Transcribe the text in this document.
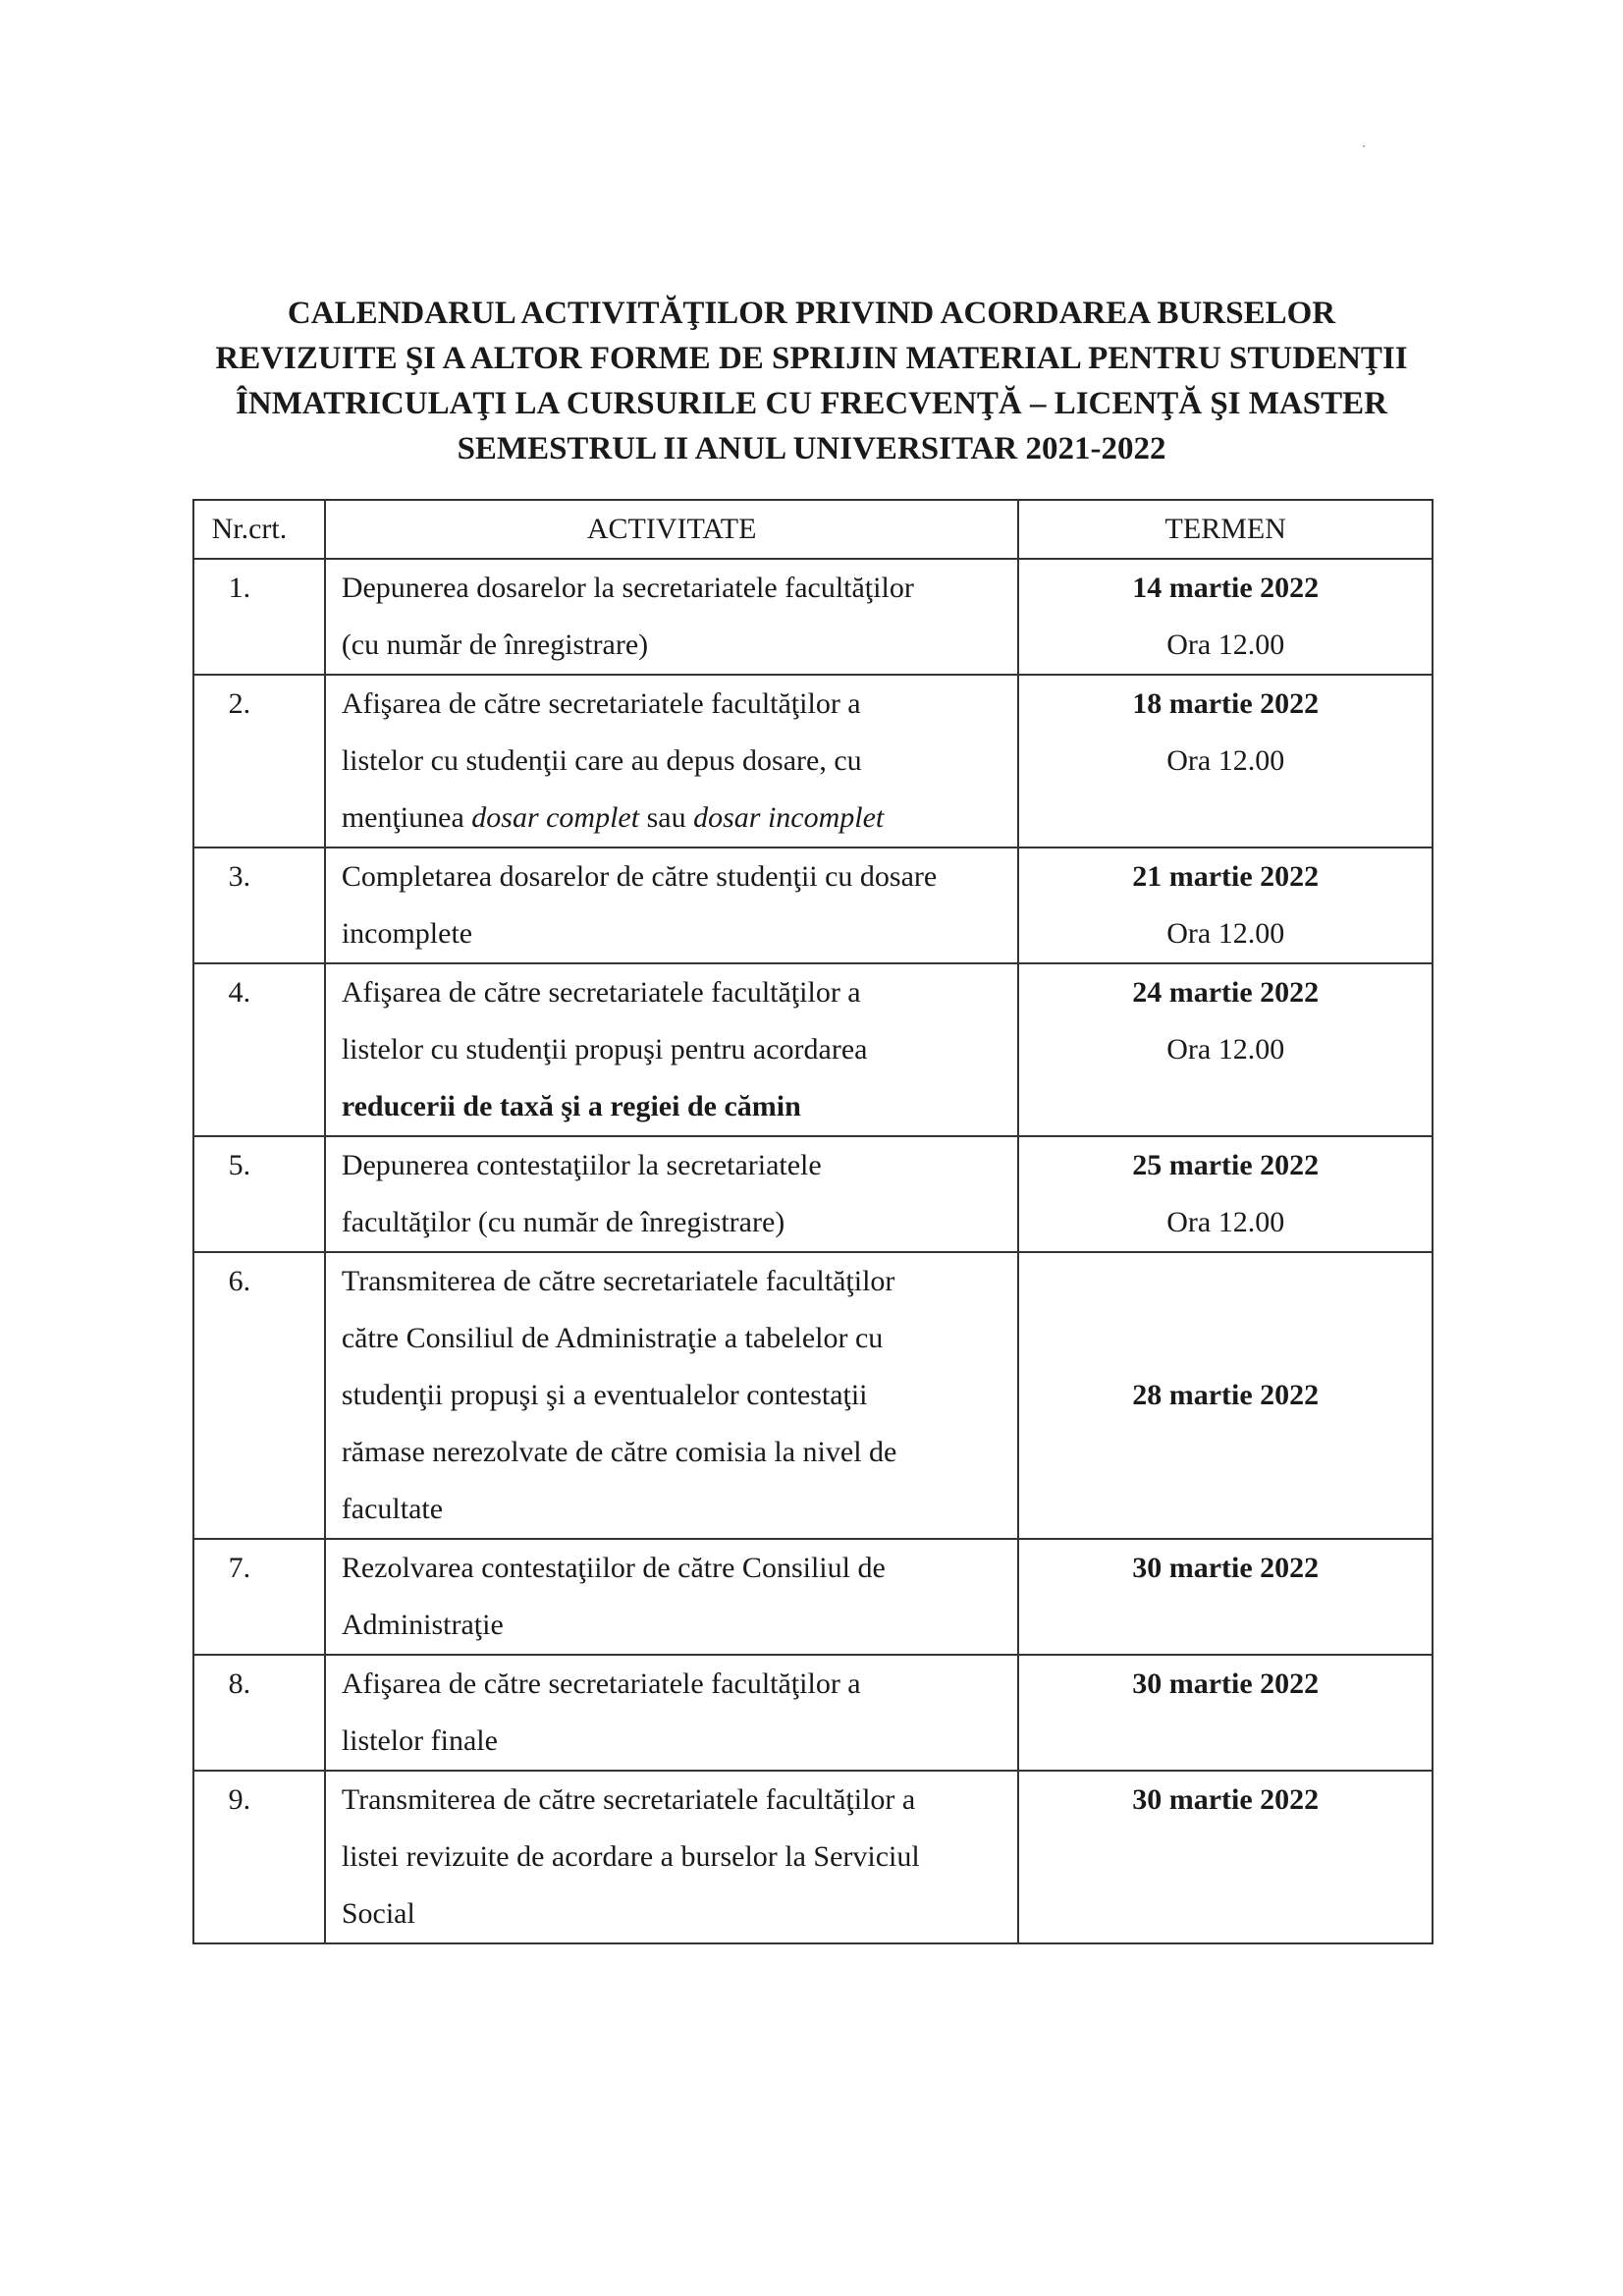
CALENDARUL ACTIVITĂŢILOR PRIVIND ACORDAREA BURSELOR
REVIZUITE ŞI A ALTOR FORME DE SPRIJIN MATERIAL PENTRU STUDENŢII
ÎNMATRICULAŢI LA CURSURILE CU FRECVENŢĂ – LICENŢĂ ŞI MASTER
SEMESTRUL II ANUL UNIVERSITAR 2021-2022
Nr.crt.	ACTIVITATE	TERMEN
1.	Depunerea dosarelor la secretariatele facultăţilor
(cu număr de înregistrare)	14 martie 2022
Ora 12.00

2.	Afişarea de către secretariatele facultăţilor a
listelor cu studenţii care au depus dosare, cu
menţiunea dosar complet sau dosar incomplet	18 martie 2022
Ora 12.00

3.	Completarea dosarelor de către studenţii cu dosare
incomplete	21 martie 2022
Ora 12.00

4.	Afişarea de către secretariatele facultăţilor a
listelor cu studenţii propuşi pentru acordarea
reducerii de taxă şi a regiei de cămin	24 martie 2022
Ora 12.00

5.	Depunerea contestaţiilor la secretariatele
facultăţilor (cu număr de înregistrare)	25 martie 2022
Ora 12.00

6.	Transmiterea de către secretariatele facultăţilor
către Consiliul de Administraţie a tabelelor cu
studenţii propuşi şi a eventualelor contestaţii
rămase nerezolvate de către comisia la nivel de
facultate	28 martie 2022

7.	Rezolvarea contestaţiilor de către Consiliul de
Administraţie	30 martie 2022

8.	Afişarea de către secretariatele facultăţilor a
listelor finale	30 martie 2022

9.	Transmiterea de către secretariatele facultăţilor a
listei revizuite de acordare a burselor la Serviciul
Social	30 martie 2022
